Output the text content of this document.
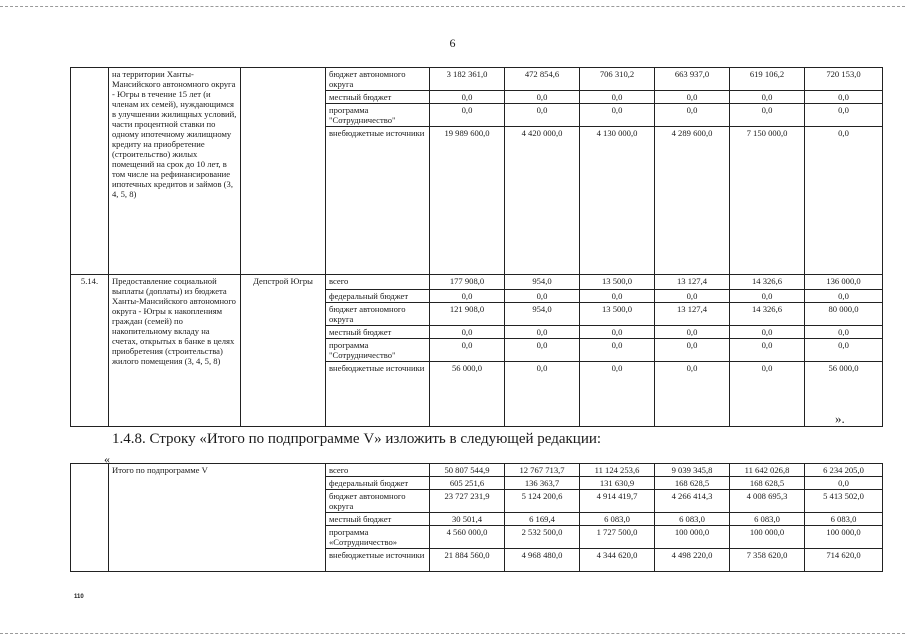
6
	на территории Ханты-Мансийского автономного округа - Югры в течение 15 лет (и членам их семей), нуждающимся в улучшении жилищных условий, части процентной ставки по одному ипотечному жилищному кредиту на приобретение (строительство) жилых помещений на срок до 10 лет, в том числе на рефинансирование ипотечных кредитов и займов (3, 4, 5, 8)		бюджет автономного округа	3 182 361,0	472 854,6	706 310,2	663 937,0	619 106,2	720 153,0
			местный бюджет	0,0	0,0	0,0	0,0	0,0	0,0
			программа "Сотрудничество"	0,0	0,0	0,0	0,0	0,0	0,0
			внебюджетные источники	19 989 600,0	4 420 000,0	4 130 000,0	4 289 600,0	7 150 000,0	0,0
5.14.	Предоставление социальной выплаты (доплаты) из бюджета Ханты-Мансийского автономного округа - Югры к накоплениям граждан (семей) по накопительному вкладу на счетах, открытых в банке в целях приобретения (строительства) жилого помещения (3, 4, 5, 8)	Депстрой Югры	всего	177 908,0	954,0	13 500,0	13 127,4	14 326,6	136 000,0
			федеральный бюджет	0,0	0,0	0,0	0,0	0,0	0,0
			бюджет автономного округа	121 908,0	954,0	13 500,0	13 127,4	14 326,6	80 000,0
			местный бюджет	0,0	0,0	0,0	0,0	0,0	0,0
			программа "Сотрудничество"	0,0	0,0	0,0	0,0	0,0	0,0
			внебюджетные источники	56 000,0	0,0	0,0	0,0	0,0	56 000,0
».
1.4.8. Строку «Итого по подпрограмме V» изложить в следующей редакции:
«
	Итого по подпрограмме V	всего	50 807 544,9	12 767 713,7	11 124 253,6	9 039 345,8	11 642 026,8	6 234 205,0
		федеральный бюджет	605 251,6	136 363,7	131 630,9	168 628,5	168 628,5	0,0
		бюджет автономного округа	23 727 231,9	5 124 200,6	4 914 419,7	4 266 414,3	4 008 695,3	5 413 502,0
		местный бюджет	30 501,4	6 169,4	6 083,0	6 083,0	6 083,0	6 083,0
		программа «Сотрудничество»	4 560 000,0	2 532 500,0	1 727 500,0	100 000,0	100 000,0	100 000,0
		внебюджетные источники	21 884 560,0	4 968 480,0	4 344 620,0	4 498 220,0	7 358 620,0	714 620,0
110
